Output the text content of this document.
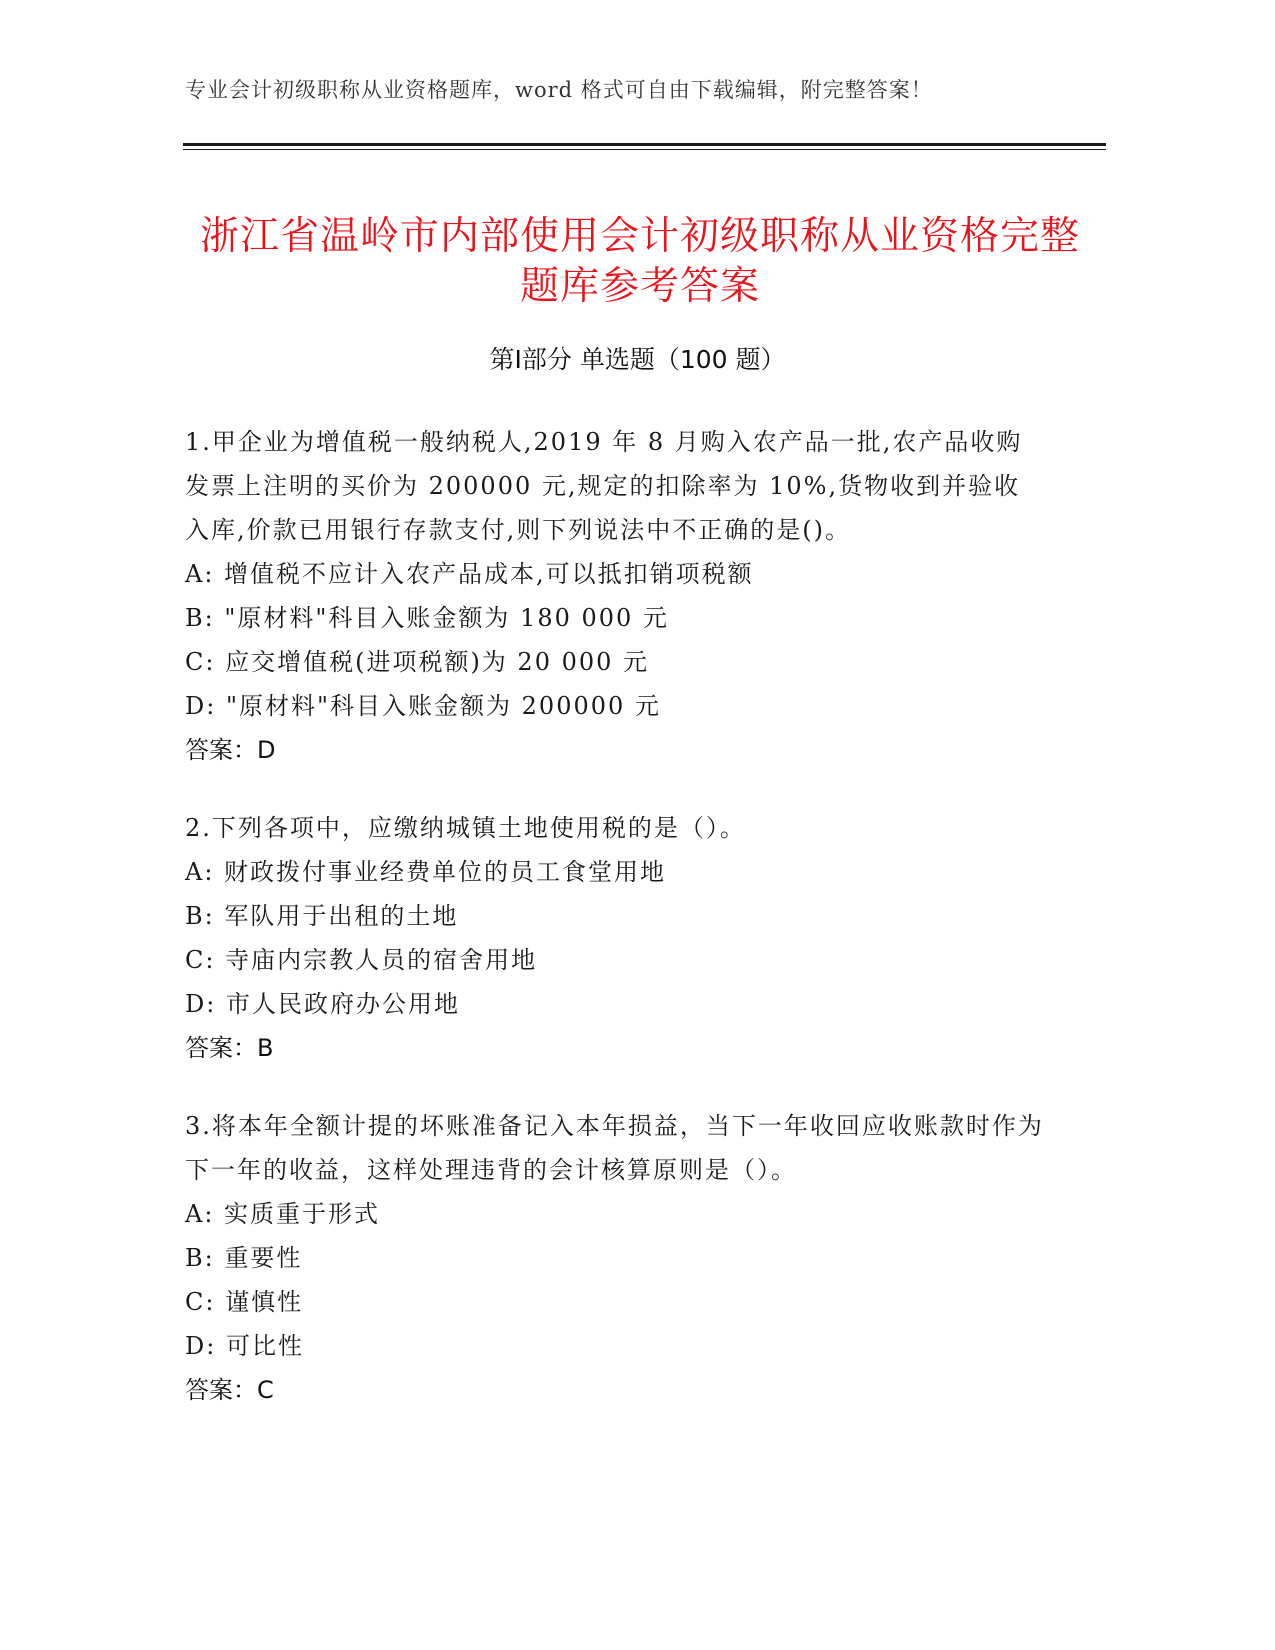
专业会计初级职称从业资格题库，word 格式可自由下载编辑，附完整答案！
浙江省温岭市内部使用会计初级职称从业资格完整题库参考答案
第Ⅰ部分 单选题（100 题）

1.甲企业为增值税一般纳税人,2019 年 8 月购入农产品一批,农产品收购发票上注明的买价为 200000 元,规定的扣除率为 10%,货物收到并验收入库,价款已用银行存款支付,则下列说法中不正确的是()。

A: 增值税不应计入农产品成本,可以抵扣销项税额

B: "原材料"科目入账金额为 180 000 元

C: 应交增值税(进项税额)为 20 000 元

D: "原材料"科目入账金额为 200000 元

答案：D

2.下列各项中，应缴纳城镇土地使用税的是（）。

A: 财政拨付事业经费单位的员工食堂用地

B: 军队用于出租的土地

C: 寺庙内宗教人员的宿舍用地

D: 市人民政府办公用地

答案：B

3.将本年全额计提的坏账准备记入本年损益，当下一年收回应收账款时作为下一年的收益，这样处理违背的会计核算原则是（）。

A: 实质重于形式

B: 重要性

C: 谨慎性

D: 可比性

答案：C
